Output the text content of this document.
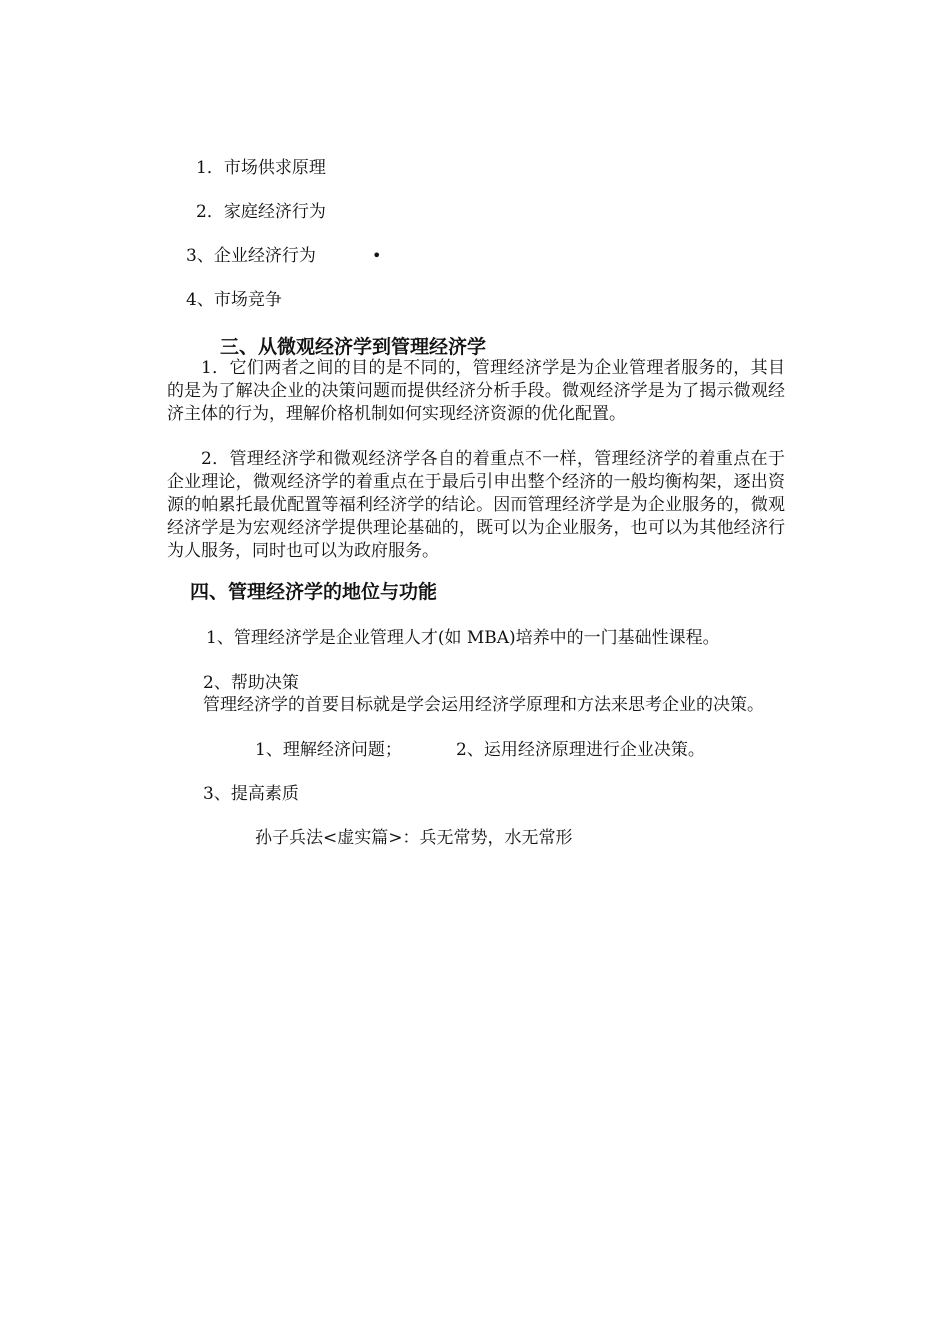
1．市场供求原理
2．家庭经济行为
3、企业经济行为	•
4、市场竞争
三、从微观经济学到管理经济学

1．它们两者之间的目的是不同的，管理经济学是为企业管理者服务的，其目的是为了解决企业的决策问题而提供经济分析手段。微观经济学是为了揭示微观经济主体的行为，理解价格机制如何实现经济资源的优化配置。

2．管理经济学和微观经济学各自的着重点不一样，管理经济学的着重点在于企业理论，微观经济学的着重点在于最后引申出整个经济的一般均衡构架，逐出资源的帕累托最优配置等福利经济学的结论。因而管理经济学是为企业服务的，微观经济学是为宏观经济学提供理论基础的，既可以为企业服务，也可以为其他经济行为人服务，同时也可以为政府服务。

四、管理经济学的地位与功能
1、管理经济学是企业管理人才(如 MBA)培养中的一门基础性课程。
2、帮助决策

管理经济学的首要目标就是学会运用经济学原理和方法来思考企业的决策。

1、理解经济问题；	2、运用经济原理进行企业决策。
3、提高素质
孙子兵法<虚实篇>：兵无常势，水无常形
